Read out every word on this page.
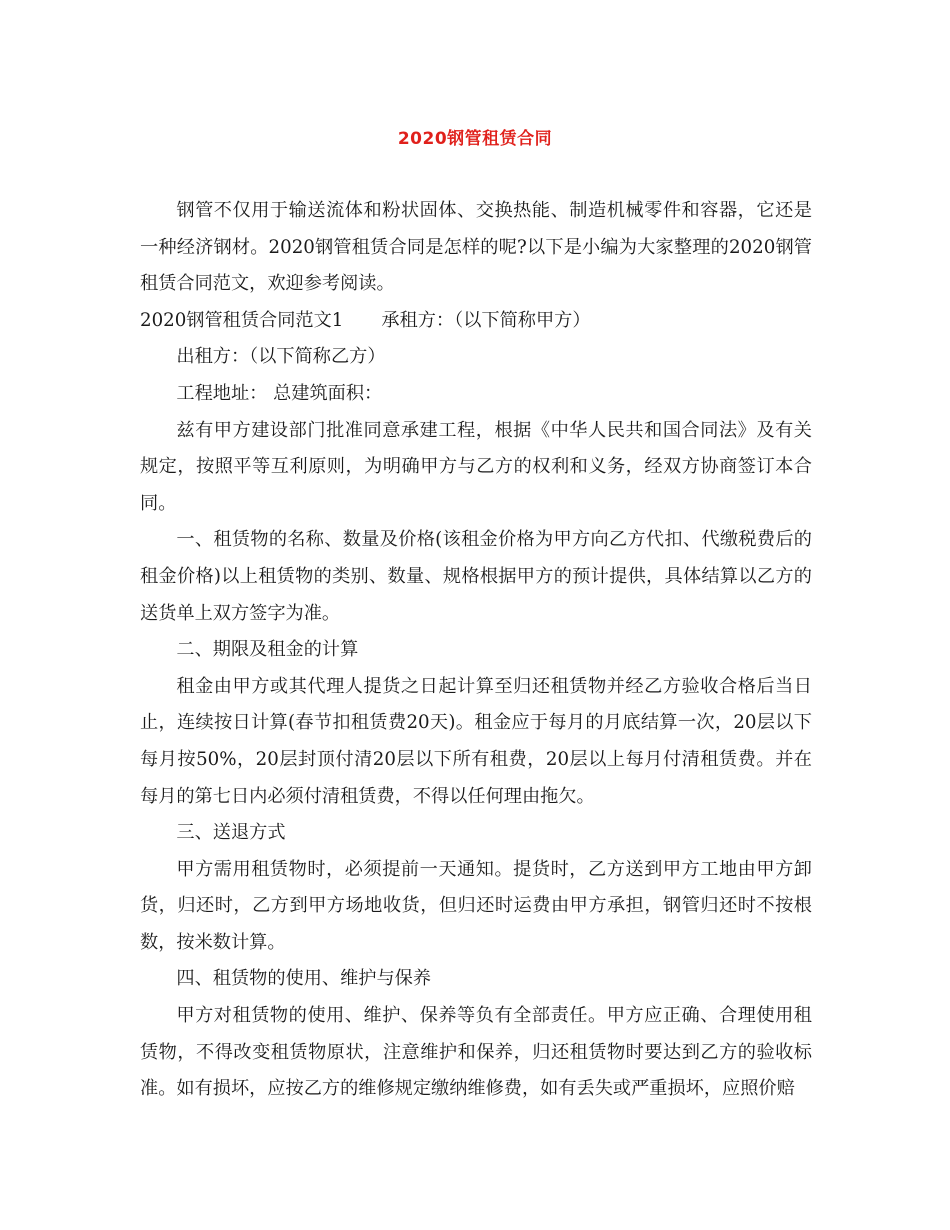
2020钢管租赁合同

钢管不仅用于输送流体和粉状固体、交换热能、制造机械零件和容器，它还是一种经济钢材。2020钢管租赁合同是怎样的呢?以下是小编为大家整理的2020钢管租赁合同范文，欢迎参考阅读。

2020钢管租赁合同范文1 承租方：（以下简称甲方）

出租方：（以下简称乙方）

工程地址： 总建筑面积：

兹有甲方建设部门批准同意承建工程，根据《中华人民共和国合同法》及有关规定，按照平等互利原则，为明确甲方与乙方的权利和义务，经双方协商签订本合同。

一、租赁物的名称、数量及价格(该租金价格为甲方向乙方代扣、代缴税费后的租金价格)以上租赁物的类别、数量、规格根据甲方的预计提供，具体结算以乙方的送货单上双方签字为准。

二、期限及租金的计算

租金由甲方或其代理人提货之日起计算至归还租赁物并经乙方验收合格后当日止，连续按日计算(春节扣租赁费20天)。租金应于每月的月底结算一次，20层以下每月按50%，20层封顶付清20层以下所有租费，20层以上每月付清租赁费。并在每月的第七日内必须付清租赁费，不得以任何理由拖欠。

三、送退方式

甲方需用租赁物时，必须提前一天通知。提货时，乙方送到甲方工地由甲方卸货，归还时，乙方到甲方场地收货，但归还时运费由甲方承担，钢管归还时不按根数，按米数计算。

四、租赁物的使用、维护与保养

甲方对租赁物的使用、维护、保养等负有全部责任。甲方应正确、合理使用租赁物，不得改变租赁物原状，注意维护和保养，归还租赁物时要达到乙方的验收标准。如有损坏，应按乙方的维修规定缴纳维修费，如有丢失或严重损坏，应照价赔
